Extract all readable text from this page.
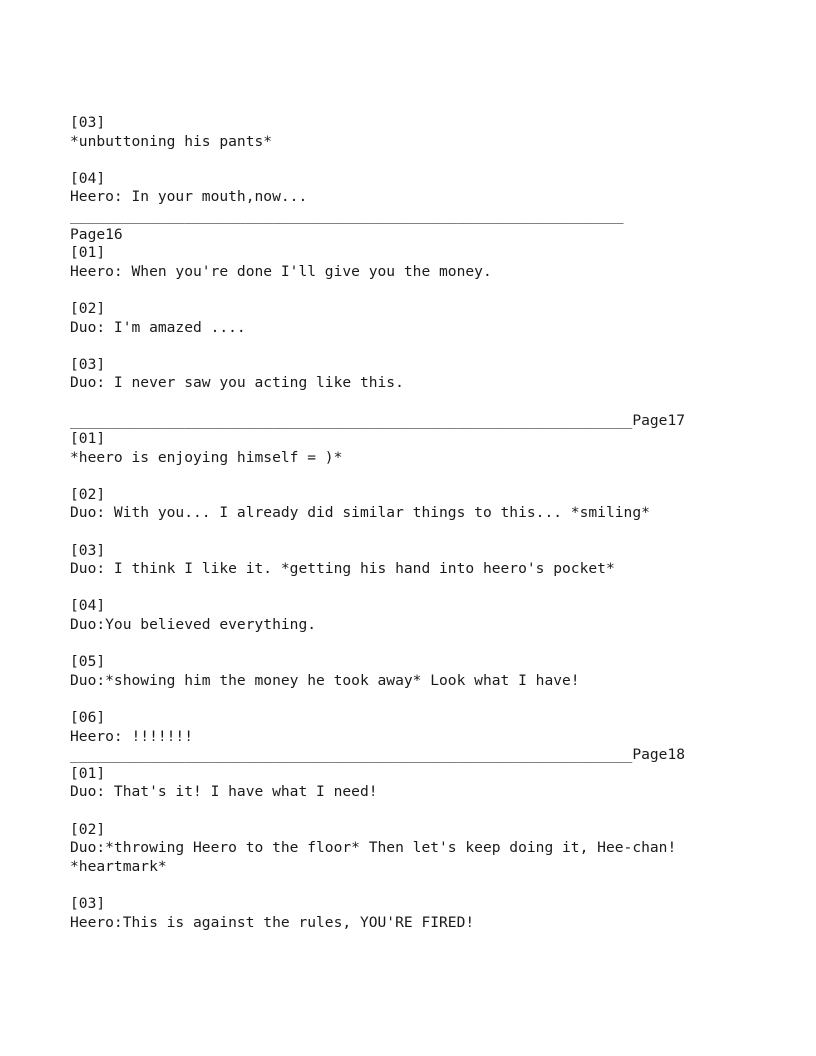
[03]
*unbuttoning his pants*
[04]
Heero: In your mouth,now...
_______________________________________________________________
Page16
[01]
Heero: When you're done I'll give you the money.
[02]
Duo: I'm amazed ....
[03]
Duo: I never saw you acting like this.
________________________________________________________________Page17
[01]
*heero is enjoying himself = )*
[02]
Duo: With you... I already did similar things to this... *smiling*
[03]
Duo: I think I like it. *getting his hand into heero's pocket*
[04]
Duo:You believed everything.
[05]
Duo:*showing him the money he took away* Look what I have!
[06]
Heero: !!!!!!!
________________________________________________________________Page18
[01]
Duo: That's it! I have what I need!
[02]
Duo:*throwing Heero to the floor* Then let's keep doing it, Hee-chan!
*heartmark*
[03]
Heero:This is against the rules, YOU'RE FIRED!
